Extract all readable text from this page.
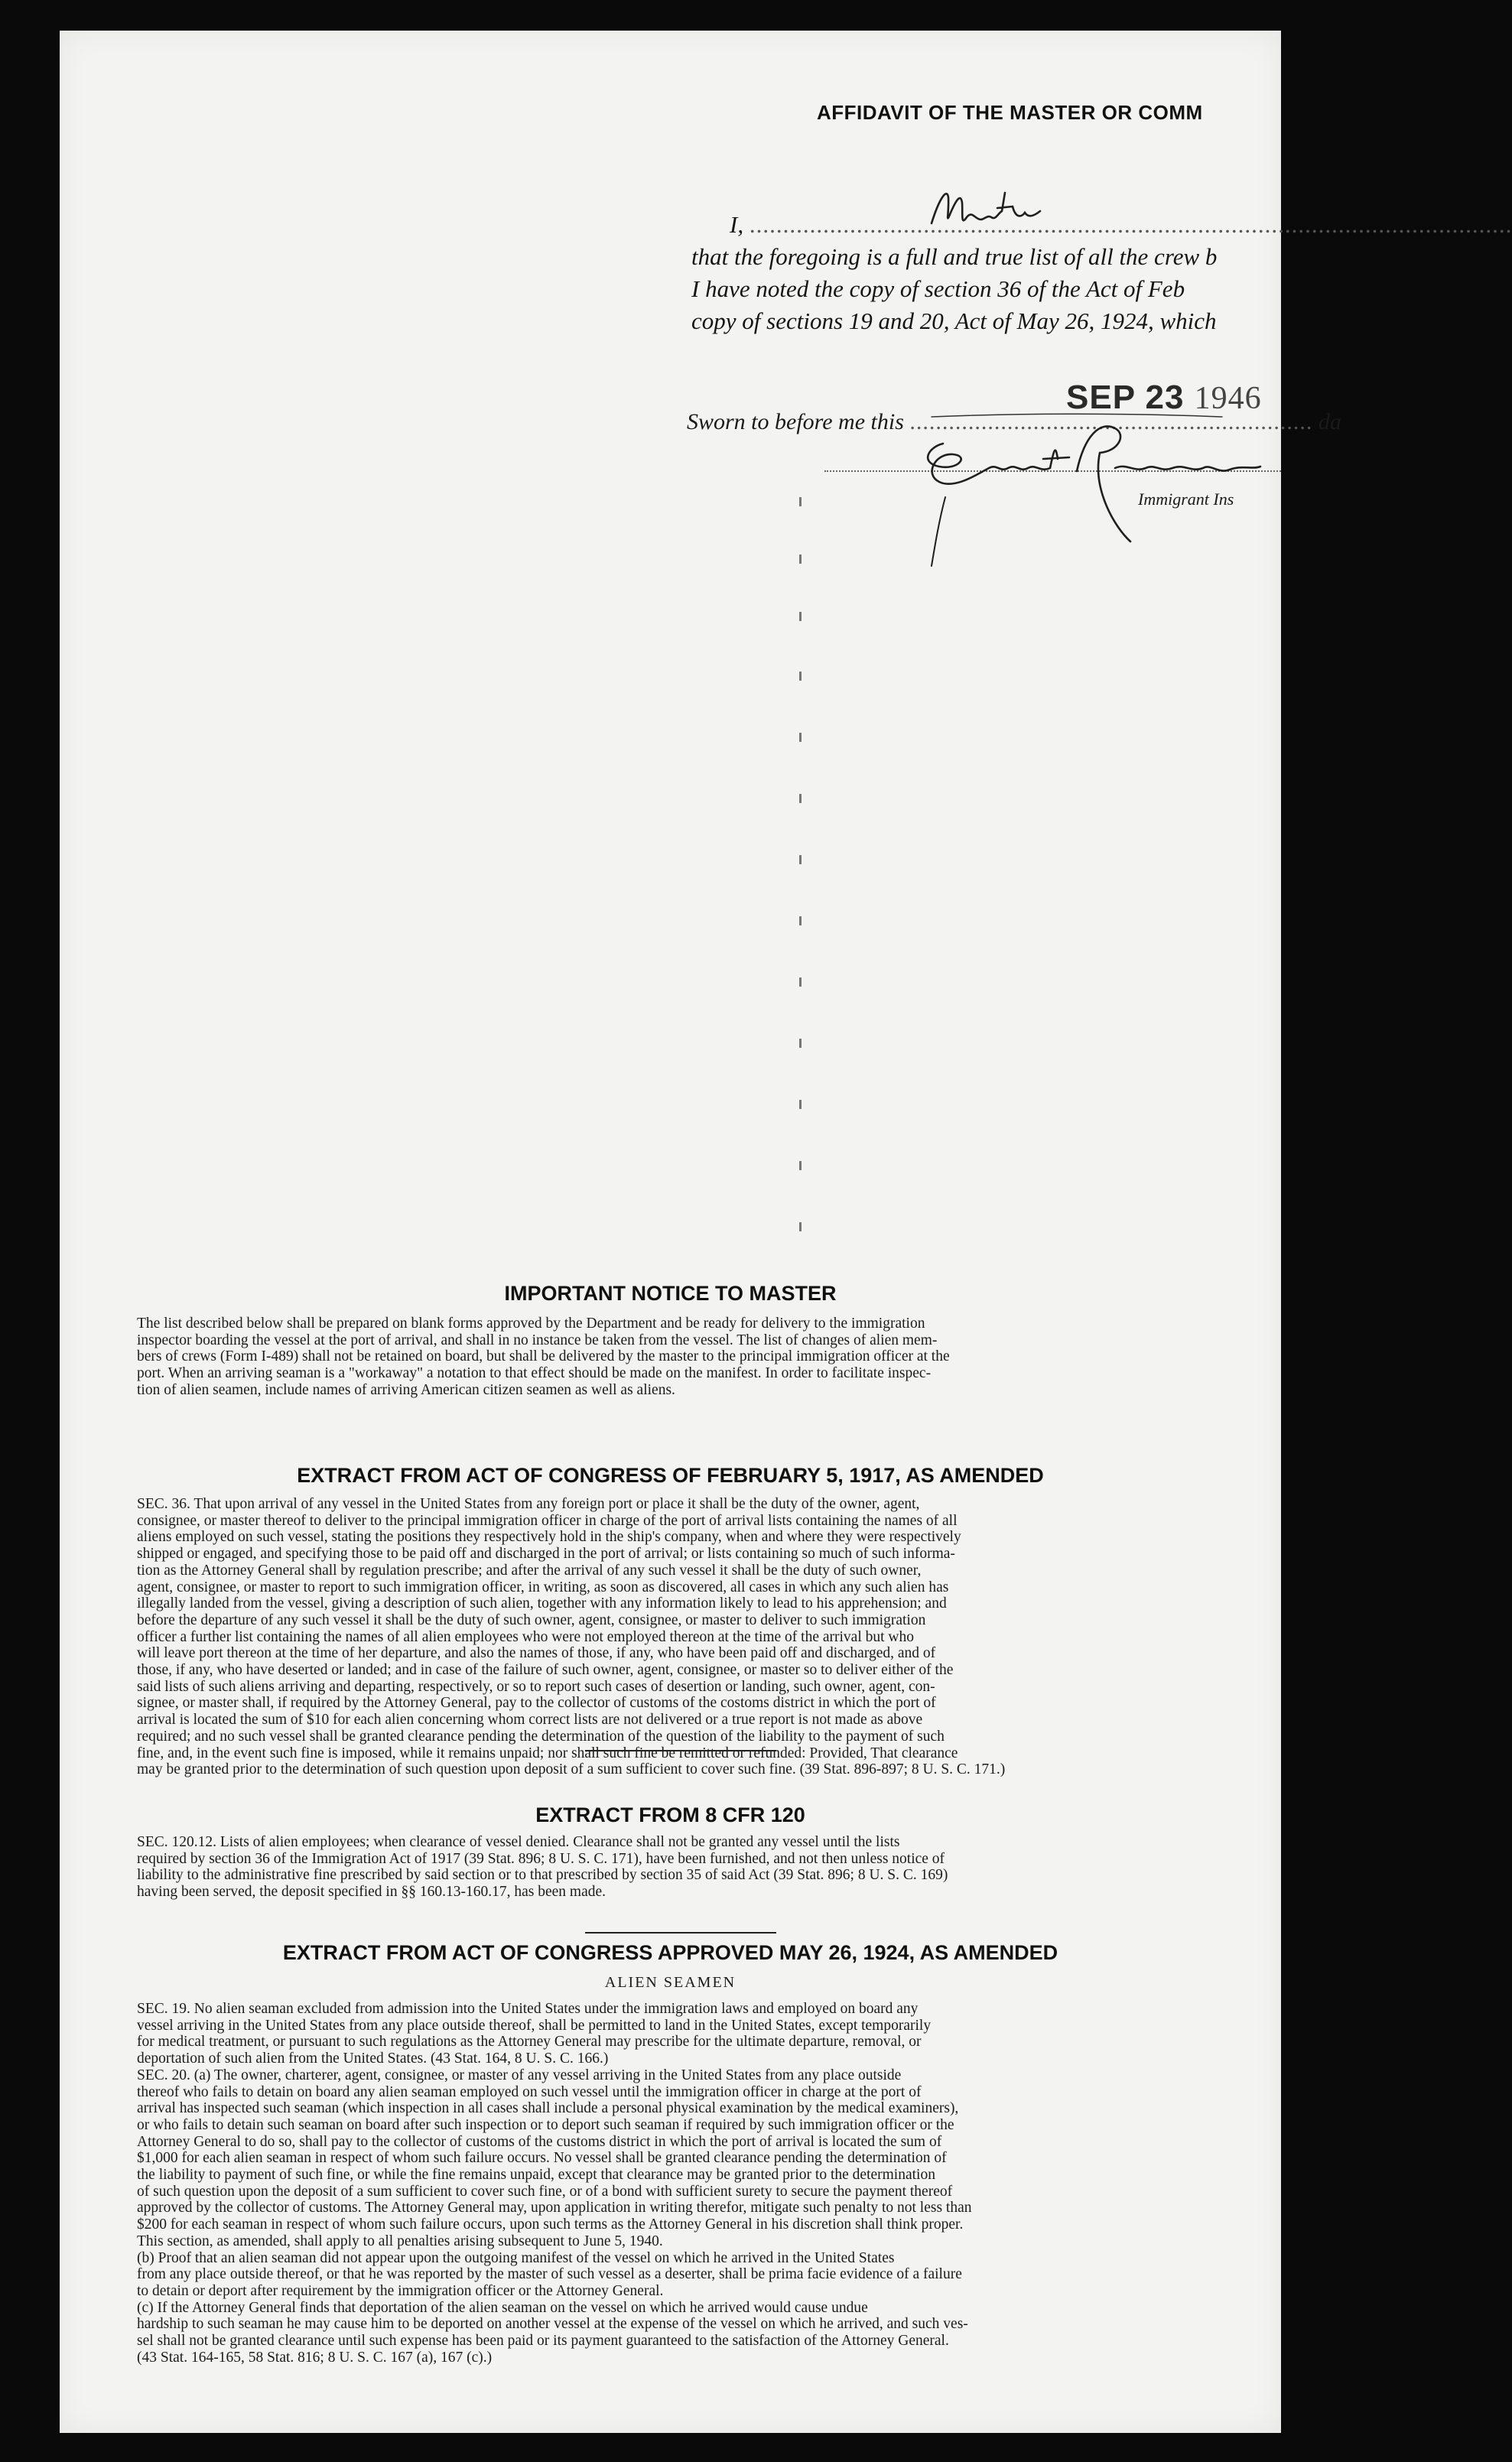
AFFIDAVIT OF THE MASTER OR COMM
I, ..................................................................................................................
that the foregoing is a full and true list of all the crew b
I have noted the copy of section 36 of the Act of Feb
copy of sections 19 and 20, Act of May 26, 1924, which
Sworn to before me this .............................................................. da
SEP 23 1946
Immigrant Ins
IMPORTANT NOTICE TO MASTER
The list described below shall be prepared on blank forms approved by the Department and be ready for delivery to the immigration
inspector boarding the vessel at the port of arrival, and shall in no instance be taken from the vessel. The list of changes of alien mem-
bers of crews (Form I-489) shall not be retained on board, but shall be delivered by the master to the principal immigration officer at the
port. When an arriving seaman is a "workaway" a notation to that effect should be made on the manifest. In order to facilitate inspec-
tion of alien seamen, include names of arriving American citizen seamen as well as aliens.
EXTRACT FROM ACT OF CONGRESS OF FEBRUARY 5, 1917, AS AMENDED
SEC. 36. That upon arrival of any vessel in the United States from any foreign port or place it shall be the duty of the owner, agent,
consignee, or master thereof to deliver to the principal immigration officer in charge of the port of arrival lists containing the names of all
aliens employed on such vessel, stating the positions they respectively hold in the ship's company, when and where they were respectively
shipped or engaged, and specifying those to be paid off and discharged in the port of arrival; or lists containing so much of such informa-
tion as the Attorney General shall by regulation prescribe; and after the arrival of any such vessel it shall be the duty of such owner,
agent, consignee, or master to report to such immigration officer, in writing, as soon as discovered, all cases in which any such alien has
illegally landed from the vessel, giving a description of such alien, together with any information likely to lead to his apprehension; and
before the departure of any such vessel it shall be the duty of such owner, agent, consignee, or master to deliver to such immigration
officer a further list containing the names of all alien employees who were not employed thereon at the time of the arrival but who
will leave port thereon at the time of her departure, and also the names of those, if any, who have been paid off and discharged, and of
those, if any, who have deserted or landed; and in case of the failure of such owner, agent, consignee, or master so to deliver either of the
said lists of such aliens arriving and departing, respectively, or so to report such cases of desertion or landing, such owner, agent, con-
signee, or master shall, if required by the Attorney General, pay to the collector of customs of the costoms district in which the port of
arrival is located the sum of $10 for each alien concerning whom correct lists are not delivered or a true report is not made as above
required; and no such vessel shall be granted clearance pending the determination of the question of the liability to the payment of such
fine, and, in the event such fine is imposed, while it remains unpaid; nor shall such fine be remitted or refunded: Provided, That clearance
may be granted prior to the determination of such question upon deposit of a sum sufficient to cover such fine. (39 Stat. 896-897; 8 U. S. C. 171.)
EXTRACT FROM 8 CFR 120
SEC. 120.12. Lists of alien employees; when clearance of vessel denied. Clearance shall not be granted any vessel until the lists
required by section 36 of the Immigration Act of 1917 (39 Stat. 896; 8 U. S. C. 171), have been furnished, and not then unless notice of
liability to the administrative fine prescribed by said section or to that prescribed by section 35 of said Act (39 Stat. 896; 8 U. S. C. 169)
having been served, the deposit specified in §§ 160.13-160.17, has been made.
EXTRACT FROM ACT OF CONGRESS APPROVED MAY 26, 1924, AS AMENDED
ALIEN SEAMEN
SEC. 19. No alien seaman excluded from admission into the United States under the immigration laws and employed on board any
vessel arriving in the United States from any place outside thereof, shall be permitted to land in the United States, except temporarily
for medical treatment, or pursuant to such regulations as the Attorney General may prescribe for the ultimate departure, removal, or
deportation of such alien from the United States. (43 Stat. 164, 8 U. S. C. 166.)
SEC. 20. (a) The owner, charterer, agent, consignee, or master of any vessel arriving in the United States from any place outside
thereof who fails to detain on board any alien seaman employed on such vessel until the immigration officer in charge at the port of
arrival has inspected such seaman (which inspection in all cases shall include a personal physical examination by the medical examiners),
or who fails to detain such seaman on board after such inspection or to deport such seaman if required by such immigration officer or the
Attorney General to do so, shall pay to the collector of customs of the customs district in which the port of arrival is located the sum of
$1,000 for each alien seaman in respect of whom such failure occurs. No vessel shall be granted clearance pending the determination of
the liability to payment of such fine, or while the fine remains unpaid, except that clearance may be granted prior to the determination
of such question upon the deposit of a sum sufficient to cover such fine, or of a bond with sufficient surety to secure the payment thereof
approved by the collector of customs. The Attorney General may, upon application in writing therefor, mitigate such penalty to not less than
$200 for each seaman in respect of whom such failure occurs, upon such terms as the Attorney General in his discretion shall think proper.
This section, as amended, shall apply to all penalties arising subsequent to June 5, 1940.
(b) Proof that an alien seaman did not appear upon the outgoing manifest of the vessel on which he arrived in the United States
from any place outside thereof, or that he was reported by the master of such vessel as a deserter, shall be prima facie evidence of a failure
to detain or deport after requirement by the immigration officer or the Attorney General.
(c) If the Attorney General finds that deportation of the alien seaman on the vessel on which he arrived would cause undue
hardship to such seaman he may cause him to be deported on another vessel at the expense of the vessel on which he arrived, and such ves-
sel shall not be granted clearance until such expense has been paid or its payment guaranteed to the satisfaction of the Attorney General.
(43 Stat. 164-165, 58 Stat. 816; 8 U. S. C. 167 (a), 167 (c).)
